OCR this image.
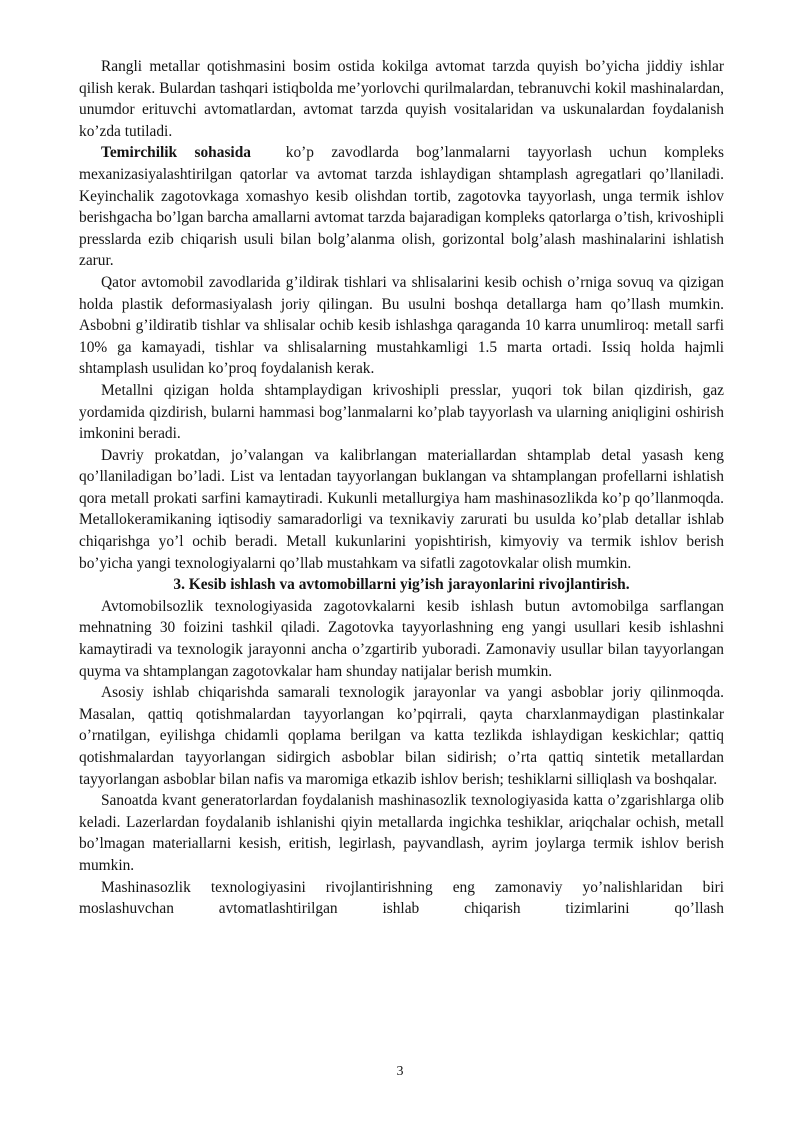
Rangli metallar qotishmasini bosim ostida kokilga avtomat tarzda quyish bo’yicha jiddiy ishlar qilish kerak. Bulardan tashqari istiqbolda me’yorlovchi qurilmalardan, tebranuvchi kokil mashinalardan, unumdor erituvchi avtomatlardan, avtomat tarzda quyish vositalaridan va uskunalardan foydalanish ko’zda tutiladi.

Temirchilik sohasida  ko’p zavodlarda bog’lanmalarni tayyorlash uchun kompleks mexanizasiyalashtirilgan qatorlar va avtomat tarzda ishlaydigan shtamplash agregatlari qo’llaniladi. Keyinchalik zagotovkaga xomashyo kesib olishdan tortib, zagotovka tayyorlash, unga termik ishlov berishgacha bo’lgan barcha amallarni avtomat tarzda bajaradigan kompleks qatorlarga o’tish, krivoshipli presslarda ezib chiqarish usuli bilan bolg’alanma olish, gorizontal bolg’alash mashinalarini ishlatish zarur.

Qator avtomobil zavodlarida g’ildirak tishlari va shlisalarini kesib ochish o’rniga sovuq va qizigan holda plastik deformasiyalash joriy qilingan. Bu usulni boshqa detallarga ham qo’llash mumkin. Asbobni g’ildiratib tishlar va shlisalar ochib kesib ishlashga qaraganda 10 karra unumliroq: metall sarfi 10% ga kamayadi, tishlar va shlisalarning mustahkamligi 1.5 marta ortadi. Issiq holda hajmli shtamplash usulidan ko’proq foydalanish kerak.

Metallni qizigan holda shtamplaydigan krivoshipli presslar, yuqori tok bilan qizdirish, gaz yordamida qizdirish, bularni hammasi bog’lanmalarni ko’plab tayyorlash va ularning aniqligini oshirish imkonini beradi.

Davriy prokatdan, jo’valangan va kalibrlangan materiallardan shtamplab detal yasash keng qo’llaniladigan bo’ladi. List va lentadan tayyorlangan buklangan va shtamplangan profellarni ishlatish qora metall prokati sarfini kamaytiradi. Kukunli metallurgiya ham mashinasozlikda ko’p qo’llanmoqda. Metallokeramikaning iqtisodiy samaradorligi va texnikaviy zarurati bu usulda ko’plab detallar ishlab chiqarishga yo’l ochib beradi. Metall kukunlarini yopishtirish, kimyoviy va termik ishlov berish bo’yicha yangi texnologiyalarni qo’llab mustahkam va sifatli zagotovkalar olish mumkin.

3. Kesib ishlash va avtomobillarni yig’ish jarayonlarini rivojlantirish.

Avtomobilsozlik texnologiyasida zagotovkalarni kesib ishlash butun avtomobilga sarflangan mehnatning 30 foizini tashkil qiladi. Zagotovka tayyorlashning eng yangi usullari kesib ishlashni kamaytiradi va texnologik jarayonni ancha o’zgartirib yuboradi. Zamonaviy usullar bilan tayyorlangan quyma va shtamplangan zagotovkalar ham shunday natijalar berish mumkin.

Asosiy ishlab chiqarishda samarali texnologik jarayonlar va yangi asboblar joriy qilinmoqda. Masalan, qattiq qotishmalardan tayyorlangan ko’pqirrali, qayta charxlanmaydigan plastinkalar o’rnatilgan, eyilishga chidamli qoplama berilgan va katta tezlikda ishlaydigan keskichlar; qattiq qotishmalardan tayyorlangan sidirgich asboblar bilan sidirish; o’rta qattiq sintetik metallardan tayyorlangan asboblar bilan nafis va maromiga etkazib ishlov berish; teshiklarni silliqlash va boshqalar.

Sanoatda kvant generatorlardan foydalanish mashinasozlik texnologiyasida katta o’zgarishlarga olib keladi. Lazerlardan foydalanib ishlanishi qiyin metallarda ingichka teshiklar, ariqchalar ochish, metall bo’lmagan materiallarni kesish, eritish, legirlash, payvandlash, ayrim joylarga termik ishlov berish mumkin.

Mashinasozlik texnologiyasini rivojlantirishning eng zamonaviy yo’nalishlaridan biri moslashuvchan avtomatlashtirilgan ishlab chiqarish tizimlarini qo’llash

3
